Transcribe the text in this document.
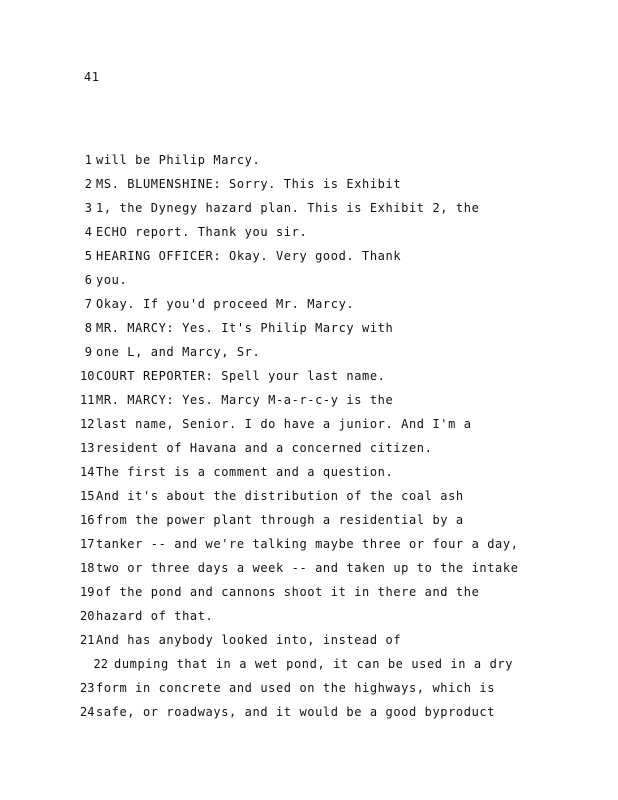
41
1 will be Philip Marcy.
2 MS. BLUMENSHINE: Sorry. This is Exhibit
3 1, the Dynegy hazard plan. This is Exhibit 2, the
4 ECHO report. Thank you sir.
5 HEARING OFFICER: Okay. Very good. Thank
6 you.
7 Okay. If you'd proceed Mr. Marcy.
8 MR. MARCY: Yes. It's Philip Marcy with
9 one L, and Marcy, Sr.
10 COURT REPORTER: Spell your last name.
11 MR. MARCY: Yes. Marcy M-a-r-c-y is the
12 last name, Senior. I do have a junior. And I'm a
13 resident of Havana and a concerned citizen.
14 The first is a comment and a question.
15 And it's about the distribution of the coal ash
16 from the power plant through a residential by a
17 tanker -- and we're talking maybe three or four a day,
18 two or three days a week -- and taken up to the intake
19 of the pond and cannons shoot it in there and the
20 hazard of that.
21 And has anybody looked into, instead of
22 dumping that in a wet pond, it can be used in a dry
23 form in concrete and used on the highways, which is
24 safe, or roadways, and it would be a good byproduct
